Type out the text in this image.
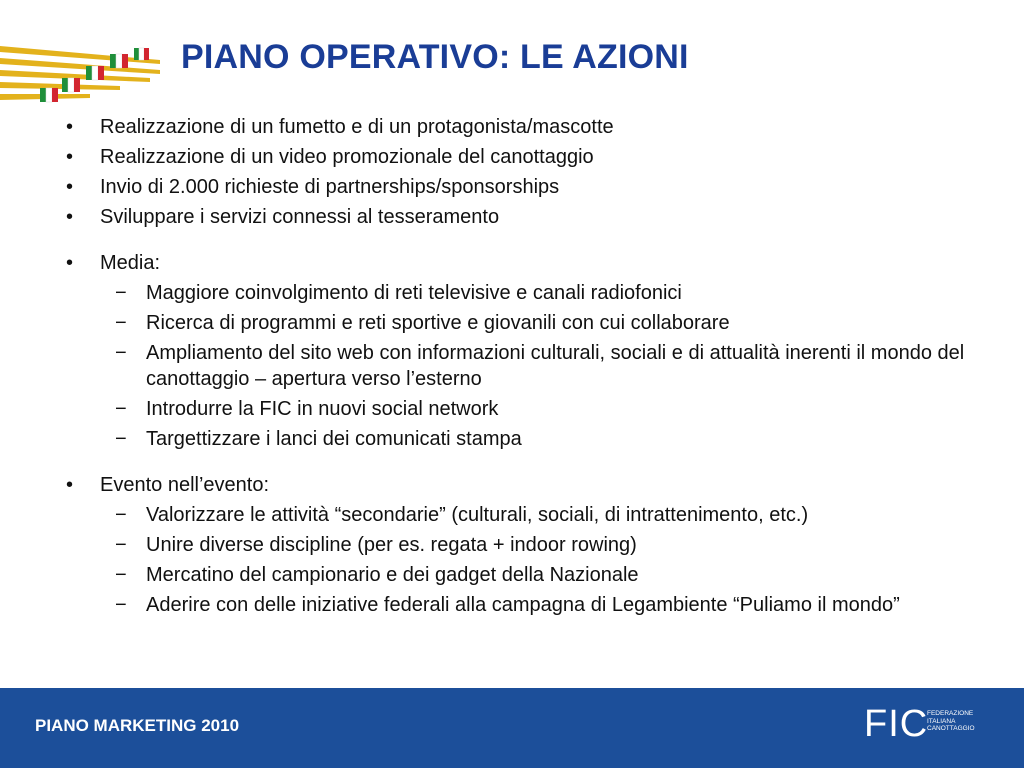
PIANO OPERATIVO: LE AZIONI
• Realizzazione di un fumetto e di un protagonista/mascotte
• Realizzazione di un video promozionale del canottaggio
• Invio di 2.000 richieste di partnerships/sponsorships
• Sviluppare i servizi connessi al tesseramento
• Media:
− Maggiore coinvolgimento di reti televisive e canali radiofonici
− Ricerca di programmi e reti sportive e giovanili con cui collaborare
− Ampliamento del sito web con informazioni culturali, sociali e di attualità inerenti il mondo del canottaggio – apertura verso l’esterno
− Introdurre la FIC in nuovi social network
− Targettizzare i lanci dei comunicati stampa
• Evento nell’evento:
− Valorizzare le attività “secondarie” (culturali, sociali, di intrattenimento, etc.)
− Unire diverse discipline (per es. regata + indoor rowing)
− Mercatino del campionario e dei gadget della Nazionale
− Aderire con delle iniziative federali alla campagna di Legambiente “Puliamo il mondo”
PIANO MARKETING 2010	FIC
FEDERAZIONE
ITALIANA
CANOTTAGGIO
